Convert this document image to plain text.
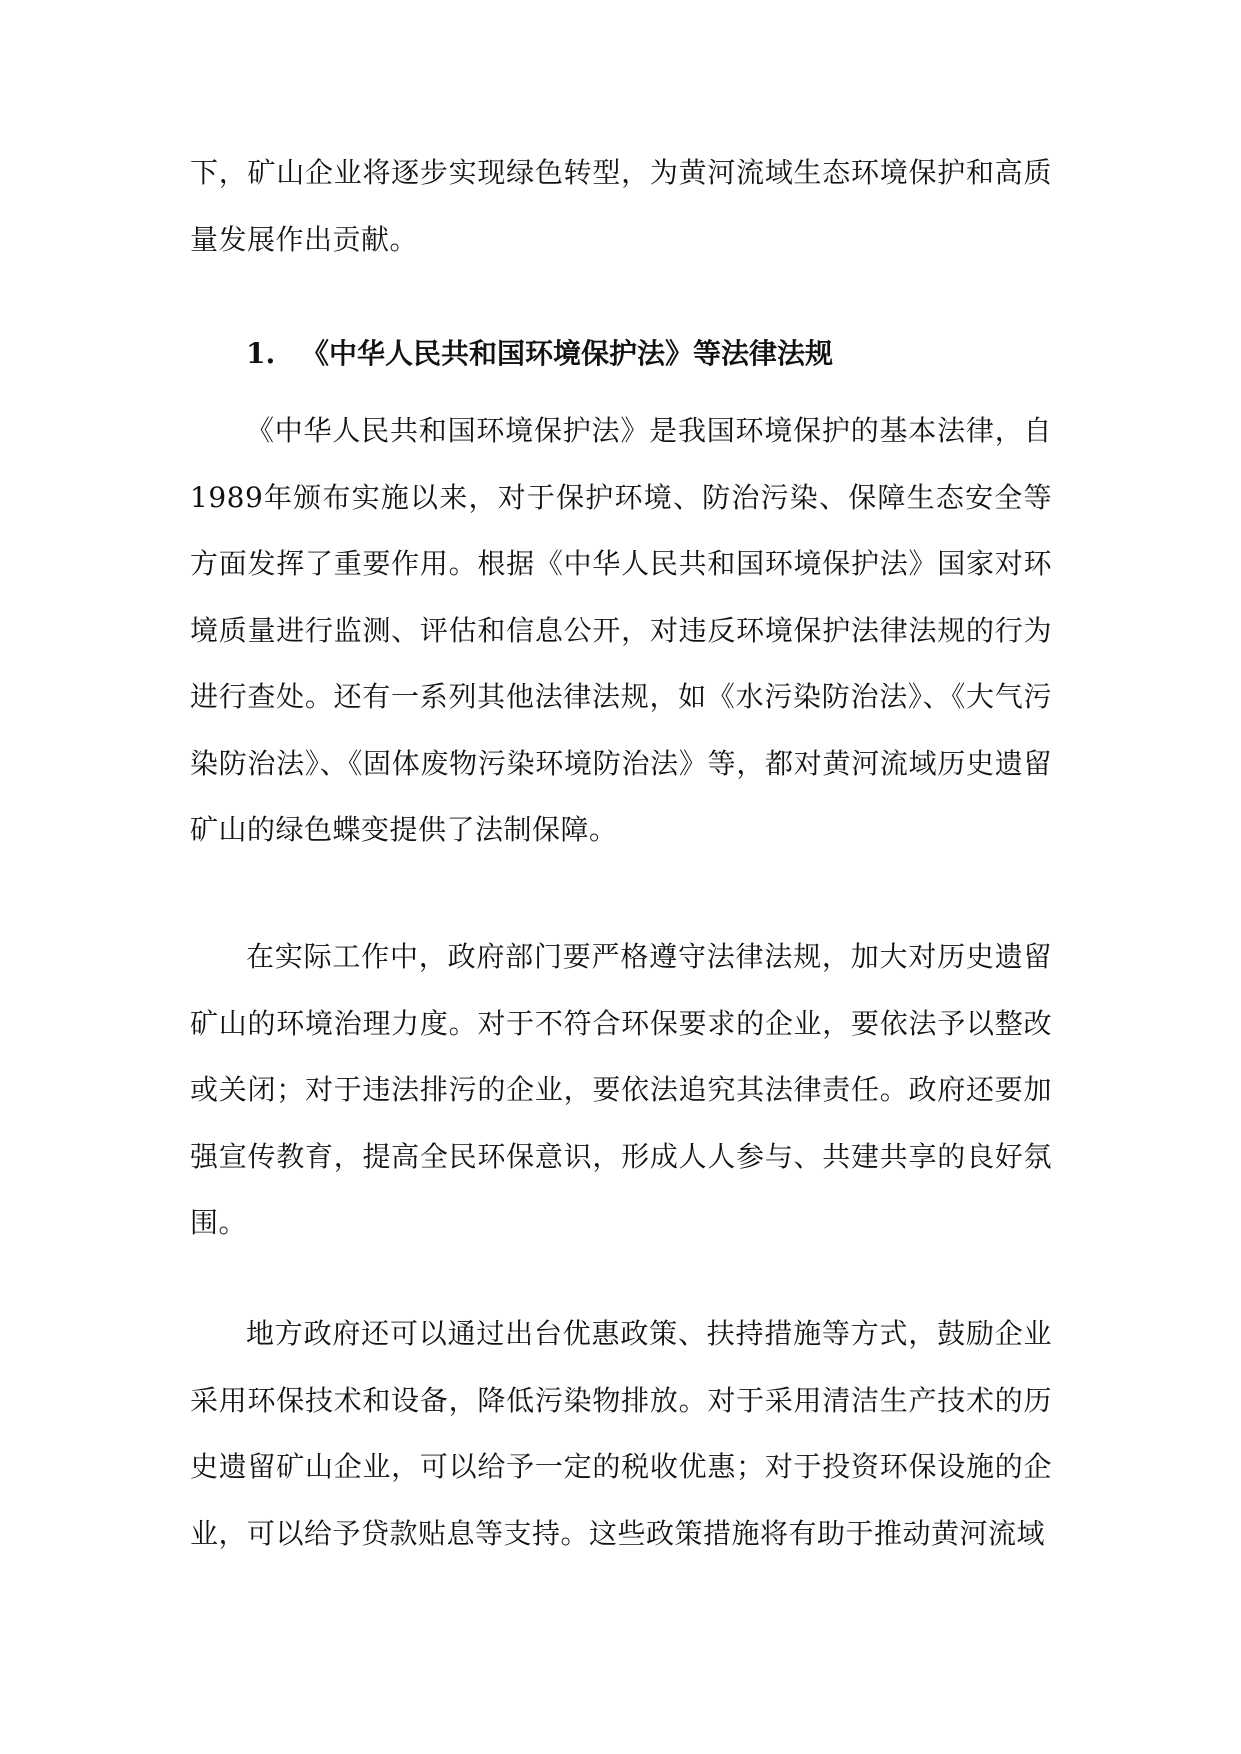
下，矿山企业将逐步实现绿色转型，为黄河流域生态环境保护和高质量发展作出贡献。
1. 《中华人民共和国环境保护法》等法律法规
《中华人民共和国环境保护法》是我国环境保护的基本法律，自1989年颁布实施以来，对于保护环境、防治污染、保障生态安全等方面发挥了重要作用。根据《中华人民共和国环境保护法》国家对环境质量进行监测、评估和信息公开，对违反环境保护法律法规的行为进行查处。还有一系列其他法律法规，如《水污染防治法》、《大气污染防治法》、《固体废物污染环境防治法》等，都对黄河流域历史遗留矿山的绿色蝶变提供了法制保障。
在实际工作中，政府部门要严格遵守法律法规，加大对历史遗留矿山的环境治理力度。对于不符合环保要求的企业，要依法予以整改或关闭；对于违法排污的企业，要依法追究其法律责任。政府还要加强宣传教育，提高全民环保意识，形成人人参与、共建共享的良好氛围。
地方政府还可以通过出台优惠政策、扶持措施等方式，鼓励企业采用环保技术和设备，降低污染物排放。对于采用清洁生产技术的历史遗留矿山企业，可以给予一定的税收优惠；对于投资环保设施的企业，可以给予贷款贴息等支持。这些政策措施将有助于推动黄河流域
